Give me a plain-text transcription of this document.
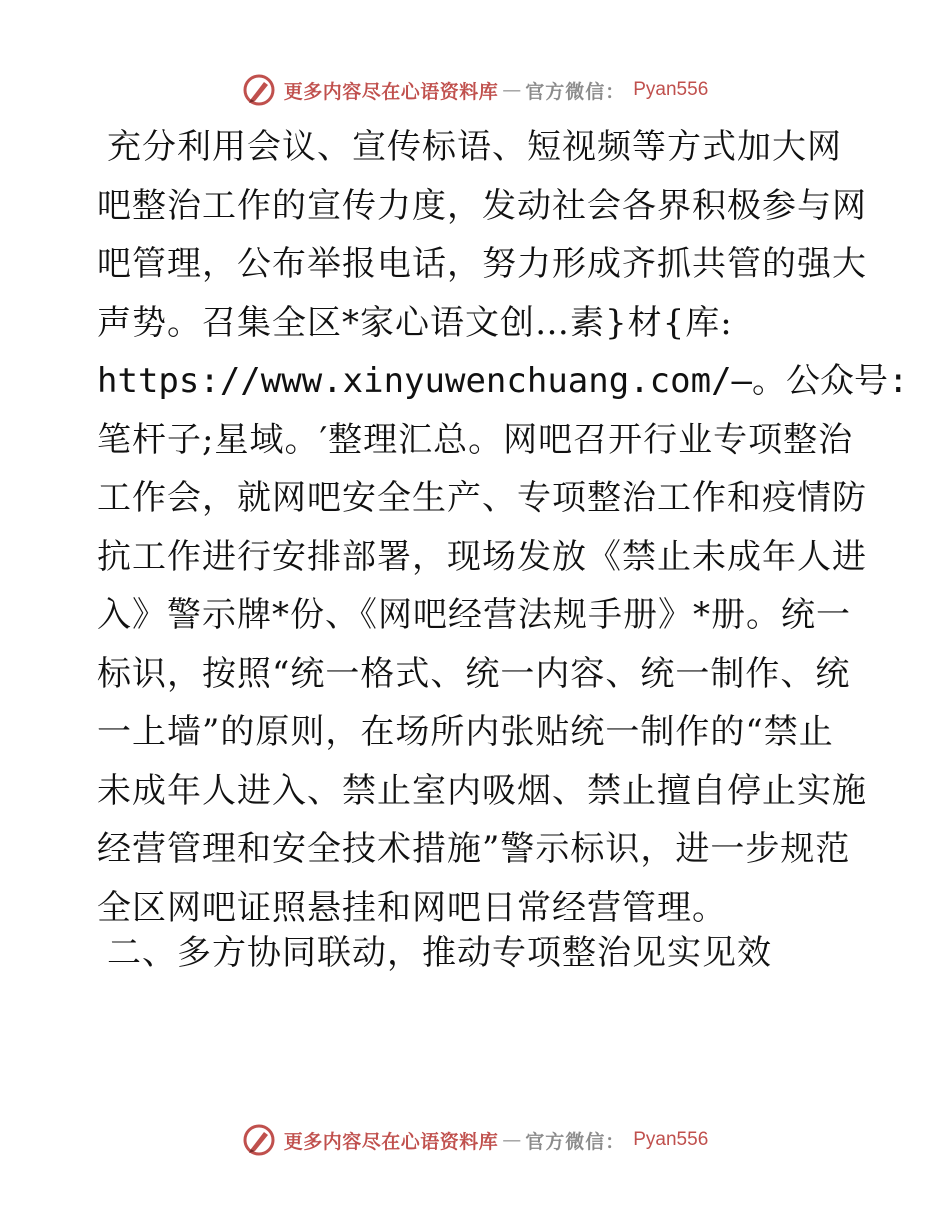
更多内容尽在心语资料库 — 官方微信： Pyan556
充分利用会议、宣传标语、短视频等方式加大网
吧整治工作的宣传力度，发动社会各界积极参与网
吧管理，公布举报电话，努力形成齐抓共管的强大
声势。召集全区*家心语文创…素}材{库:
https://www.xinyuwenchuang.com/—。公众号:
笔杆子;星域。′整理汇总。网吧召开行业专项整治
工作会，就网吧安全生产、专项整治工作和疫情防
抗工作进行安排部署，现场发放《禁止未成年人进
入》警示牌*份、《网吧经营法规手册》*册。统一
标识，按照“统一格式、统一内容、统一制作、统
一上墙”的原则，在场所内张贴统一制作的“禁止
未成年人进入、禁止室内吸烟、禁止擅自停止实施
经营管理和安全技术措施”警示标识，进一步规范
全区网吧证照悬挂和网吧日常经营管理。
二、多方协同联动，推动专项整治见实见效
更多内容尽在心语资料库 — 官方微信： Pyan556
